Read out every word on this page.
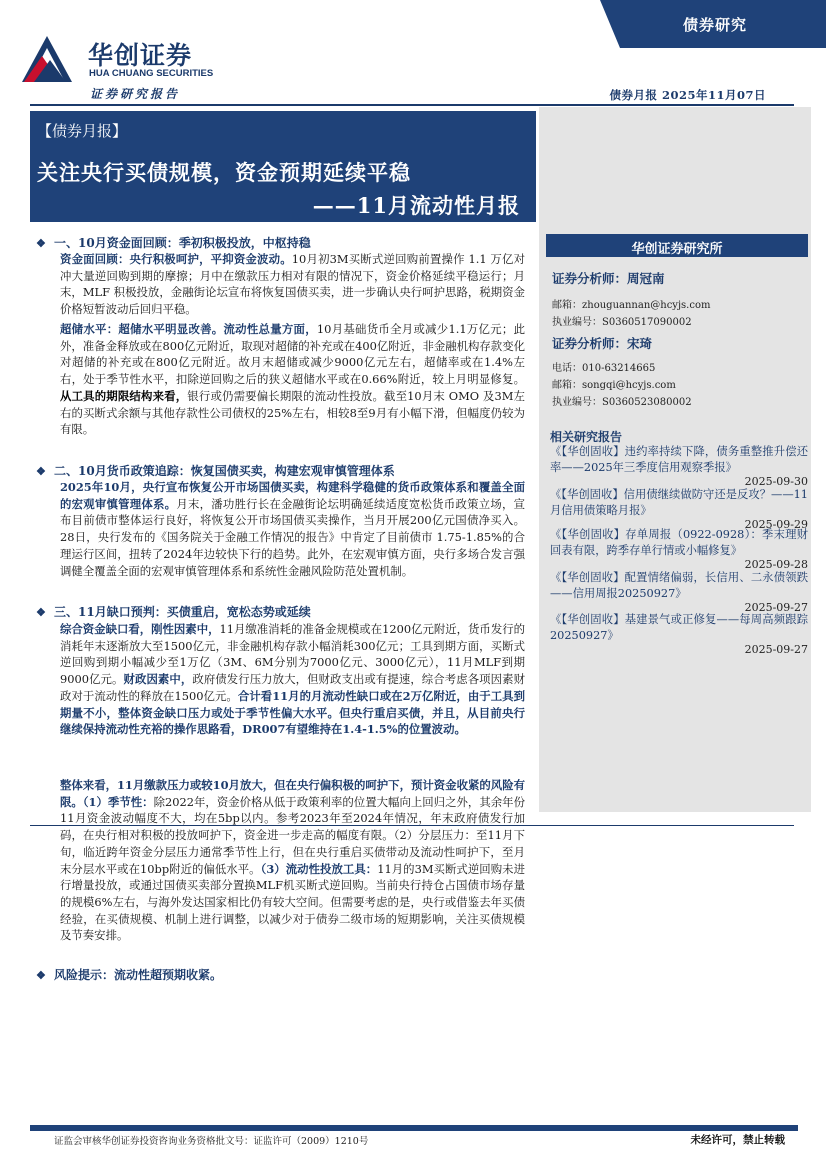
华创证券
HUA CHUANG SECURITIES
债券研究
证券研究报告	债券月报 2025年11月07日
【债券月报】
关注央行买债规模，资金预期延续平稳
——11月流动性月报
❖ 一、10月资金面回顾：季初积极投放，中枢持稳
资金面回顾：央行积极呵护，平抑资金波动。10月初3M买断式逆回购前置操作 1.1 万亿对冲大量逆回购到期的摩擦；月中在缴款压力相对有限的情况下，资金价格延续平稳运行；月末，MLF 积极投放，金融街论坛宣布将恢复国债买卖，进一步确认央行呵护思路，税期资金价格短暂波动后回归平稳。
超储水平：超储水平明显改善。流动性总量方面，10月基础货币全月或减少1.1万亿元；此外，准备金释放或在800亿元附近，取现对超储的补充或在400亿附近，非金融机构存款变化对超储的补充或在800亿元附近。故月末超储或减少9000亿元左右，超储率或在1.4%左右，处于季节性水平，扣除逆回购之后的狭义超储水平或在0.66%附近，较上月明显修复。从工具的期限结构来看，银行或仍需要偏长期限的流动性投放。截至10月末 OMO 及3M左右的买断式余额与其他存款性公司债权的25%左右，相较8至9月有小幅下滑，但幅度仍较为有限。
❖ 二、10月货币政策追踪：恢复国债买卖，构建宏观审慎管理体系
2025年10月，央行宣布恢复公开市场国债买卖，构建科学稳健的货币政策体系和覆盖全面的宏观审慎管理体系。月末，潘功胜行长在金融街论坛明确延续适度宽松货币政策立场，宣布目前债市整体运行良好，将恢复公开市场国债买卖操作，当月开展200亿元国债净买入。28日，央行发布的《国务院关于金融工作情况的报告》中肯定了目前债市 1.75-1.85%的合理运行区间，扭转了2024年边较快下行的趋势。此外，在宏观审慎方面，央行多场合发言强调健全覆盖全面的宏观审慎管理体系和系统性金融风险防范处置机制。
❖ 三、11月缺口预判：买债重启，宽松态势或延续
综合资金缺口看，刚性因素中，11月缴准消耗的准备金规模或在1200亿元附近，货币发行的消耗年末逐渐放大至1500亿元，非金融机构存款小幅消耗300亿元；工具到期方面，买断式逆回购到期小幅减少至1万亿（3M、6M分别为7000亿元、3000亿元），11月MLF到期9000亿元。财政因素中，政府债发行压力放大，但财政支出或有提速，综合考虑各项因素财政对于流动性的释放在1500亿元。合计看11月的月流动性缺口或在2万亿附近，由于工具到期量不小，整体资金缺口压力或处于季节性偏大水平。但央行重启买债，并且，从目前央行继续保持流动性充裕的操作思路看，DR007有望维持在1.4-1.5%的位置波动。
整体来看，11月缴款压力或较10月放大，但在央行偏积极的呵护下，预计资金收紧的风险有限。（1）季节性：除2022年，资金价格从低于政策利率的位置大幅向上回归之外，其余年份11月资金波动幅度不大，均在5bp以内。参考2023年至2024年情况，年末政府债发行加码，在央行相对积极的投放呵护下，资金进一步走高的幅度有限。（2）分层压力：至11月下旬，临近跨年资金分层压力通常季节性上行，但在央行重启买债带动及流动性呵护下，至月末分层水平或在10bp附近的偏低水平。（3）流动性投放工具：11月的3M买断式逆回购未进行增量投放，或通过国债买卖部分置换MLF机买断式逆回购。当前央行持仓占国债市场存量的规模6%左右，与海外发达国家相比仍有较大空间。但需要考虑的是，央行或借鉴去年买债经验，在买债规模、机制上进行调整，以减少对于债券二级市场的短期影响，关注买债规模及节奏安排。
❖ 风险提示：流动性超预期收紧。
华创证券研究所
证券分析师：周冠南
邮箱：zhouguannan@hcyjs.com
执业编号：S0360517090002
证券分析师：宋琦
电话：010-63214665
邮箱：songqi@hcyjs.com
执业编号：S0360523080002
相关研究报告
《【华创固收】违约率持续下降，债务重整推升偿还率——2025年三季度信用观察季报》
2025-09-30
《【华创固收】信用债继续做防守还是反攻？——11月信用债策略月报》
2025-09-29
《【华创固收】存单周报（0922-0928）：季末理财回表有限，跨季存单行情或小幅修复》
2025-09-28
《【华创固收】配置情绪偏弱，长信用、二永债领跌——信用周报20250927》
2025-09-27
《【华创固收】基建景气或正修复——每周高频跟踪20250927》
2025-09-27
证监会审核华创证券投资咨询业务资格批文号：证监许可（2009）1210号	未经许可，禁止转载
